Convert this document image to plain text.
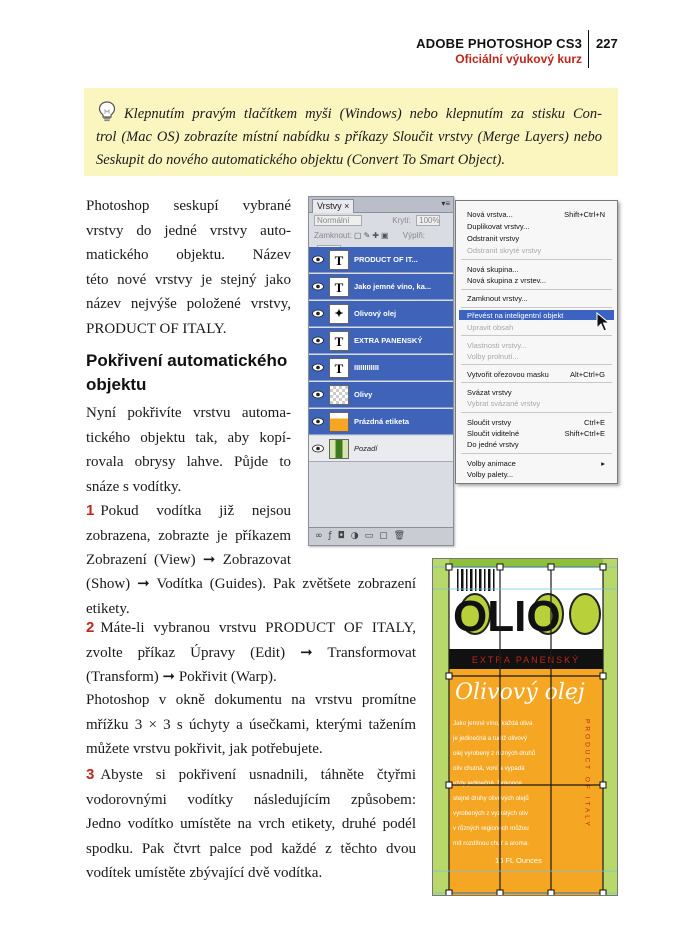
ADOBE PHOTOSHOP CS3
Oficiální výukový kurz
227
Klepnutím pravým tlačítkem myši (Windows) nebo klepnutím za stisku Con-
trol (Mac OS) zobrazíte místní nabídku s příkazy Sloučit vrstvy (Merge Layers) nebo
Seskupit do nového automatického objektu (Convert To Smart Object).
Photoshop seskupí vybrané
vrstvy do jedné vrstvy auto-
matického objektu. Název
této nové vrstvy je stejný jako
název nejvýše položené vrstvy,
PRODUCT OF ITALY.
Pokřivení automatického
objektu
Nyní pokřivíte vrstvu automa-
tického objektu tak, aby kopí-
rovala obrysy lahve. Půjde to
snáze s vodítky.
1 Pokud vodítka již nejsou
zobrazena, zobrazte je příkazem
Zobrazení (View) ➞ Zobrazovat
(Show) ➞ Vodítka (Guides). Pak zvětšete zobrazení
etikety.
2 Máte-li vybranou vrstvu PRODUCT OF ITALY,
zvolte příkaz Úpravy (Edit) ➞ Transformovat
(Transform) ➞ Pokřivit (Warp).
Photoshop v okně dokumentu na vrstvu promítne
mřížku 3 × 3 s úchyty a úsečkami, kterými tažením
můžete vrstvu pokřivit, jak potřebujete.
3 Abyste si pokřivení usnadnili, táhněte čtyřmi
vodorovnými vodítky následujícím způsobem:
Jedno vodítko umístěte na vrch etikety, druhé podél
spodku. Pak čtvrt palce pod každé z těchto dvou
vodítek umístěte zbývající dvě vodítka.
Vrstvy ×	▾≡
Normální	Krytí: 100%
Zamknout: ▢✎✚▣ Výplň:
T	PRODUCT OF IT...
T	Jako jemné víno, ka...
✦	Olivový olej
T	EXTRA PANENSKÝ
T	IIIIIIIIIIII
Olivy
Prázdná etiketa
Pozadí
∞ƒ◘◑▭▢🗑
Nová vrstva...	Shift+Ctrl+N
Duplikovat vrstvy...
Odstranit vrstvy
Odstranit skryté vrstvy
Nová skupina...
Nová skupina z vrstev...
Zamknout vrstvy...
Převést na inteligentní objekt
Upravit obsah
Vlastnosti vrstvy...
Volby prolnutí...
Vytvořit ořezovou masku	Alt+Ctrl+G
Svázat vrstvy
Vybrat svázané vrstvy
Sloučit vrstvy	Ctrl+E
Sloučit viditelné	Shift+Ctrl+E
Do jedné vrstvy
Volby animace	▸
Volby palety...
OLIO
EXTRA PANENSKÝ
Olivový olej
Jako jemné víno, každá oliva
je jedinečná a tudíž olivový
olej vyrobený z různých druhů
oliv chutná, voní a vypadá
vždy jedinečně. Dokonce
stejné druhy olivových olejů
vyrobených z vyzrálých oliv
v různých regionech můžou
mít rozdílnou chuť a aroma.
PRODUCT OF ITALY
16 FL Ounces
